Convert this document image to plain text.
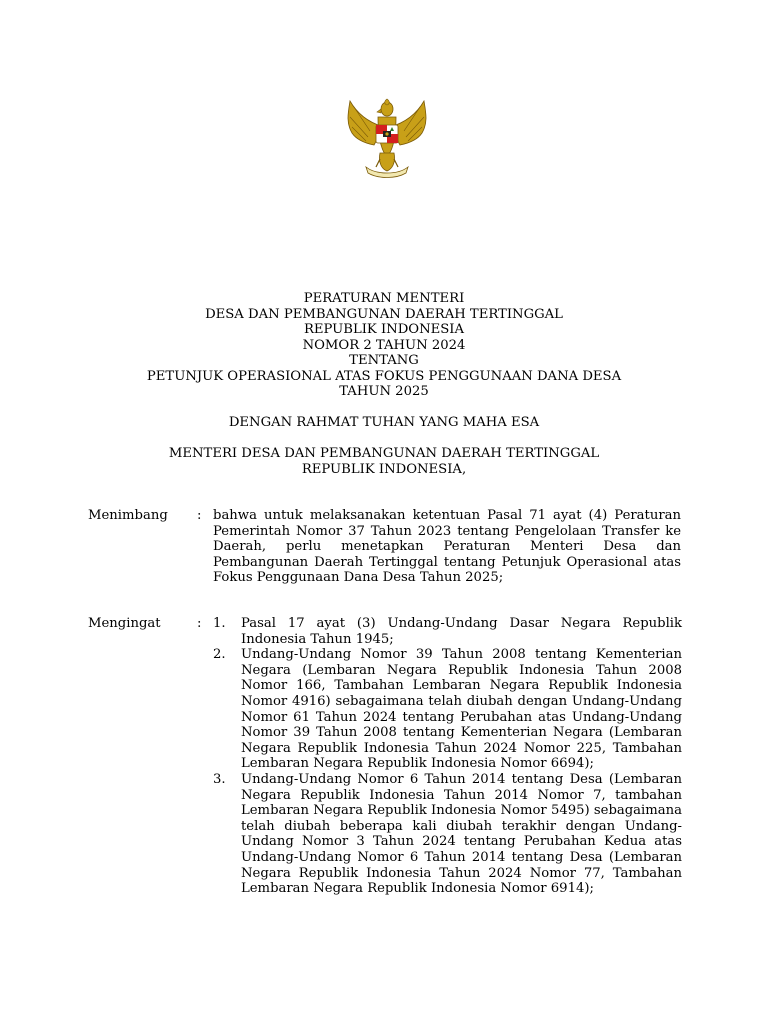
PERATURAN MENTERI
DESA DAN PEMBANGUNAN DAERAH TERTINGGAL
REPUBLIK INDONESIA
NOMOR 2 TAHUN 2024
TENTANG
PETUNJUK OPERASIONAL ATAS FOKUS PENGGUNAAN DANA DESA
TAHUN 2025
DENGAN RAHMAT TUHAN YANG MAHA ESA
MENTERI DESA DAN PEMBANGUNAN DAERAH TERTINGGAL
REPUBLIK INDONESIA,
Menimbang : bahwa untuk melaksanakan ketentuan Pasal 71 ayat (4) Peraturan Pemerintah Nomor 37 Tahun 2023 tentang Pengelolaan Transfer ke Daerah, perlu menetapkan Peraturan Menteri Desa dan Pembangunan Daerah Tertinggal tentang Petunjuk Operasional atas Fokus Penggunaan Dana Desa Tahun 2025;
Mengingat	: 1. Pasal 17 ayat (3) Undang-Undang Dasar Negara Republik Indonesia Tahun 1945;
2. Undang-Undang Nomor 39 Tahun 2008 tentang Kementerian Negara (Lembaran Negara Republik Indonesia Tahun 2008 Nomor 166, Tambahan Lembaran Negara Republik Indonesia Nomor 4916) sebagaimana telah diubah dengan Undang-Undang Nomor 61 Tahun 2024 tentang Perubahan atas Undang-Undang Nomor 39 Tahun 2008 tentang Kementerian Negara (Lembaran Negara Republik Indonesia Tahun 2024 Nomor 225, Tambahan Lembaran Negara Republik Indonesia Nomor 6694);
3. Undang-Undang Nomor 6 Tahun 2014 tentang Desa (Lembaran Negara Republik Indonesia Tahun 2014 Nomor 7, tambahan Lembaran Negara Republik Indonesia Nomor 5495) sebagaimana telah diubah beberapa kali diubah terakhir dengan Undang-Undang Nomor 3 Tahun 2024 tentang Perubahan Kedua atas Undang-Undang Nomor 6 Tahun 2014 tentang Desa (Lembaran Negara Republik Indonesia Tahun 2024 Nomor 77, Tambahan Lembaran Negara Republik Indonesia Nomor 6914);
